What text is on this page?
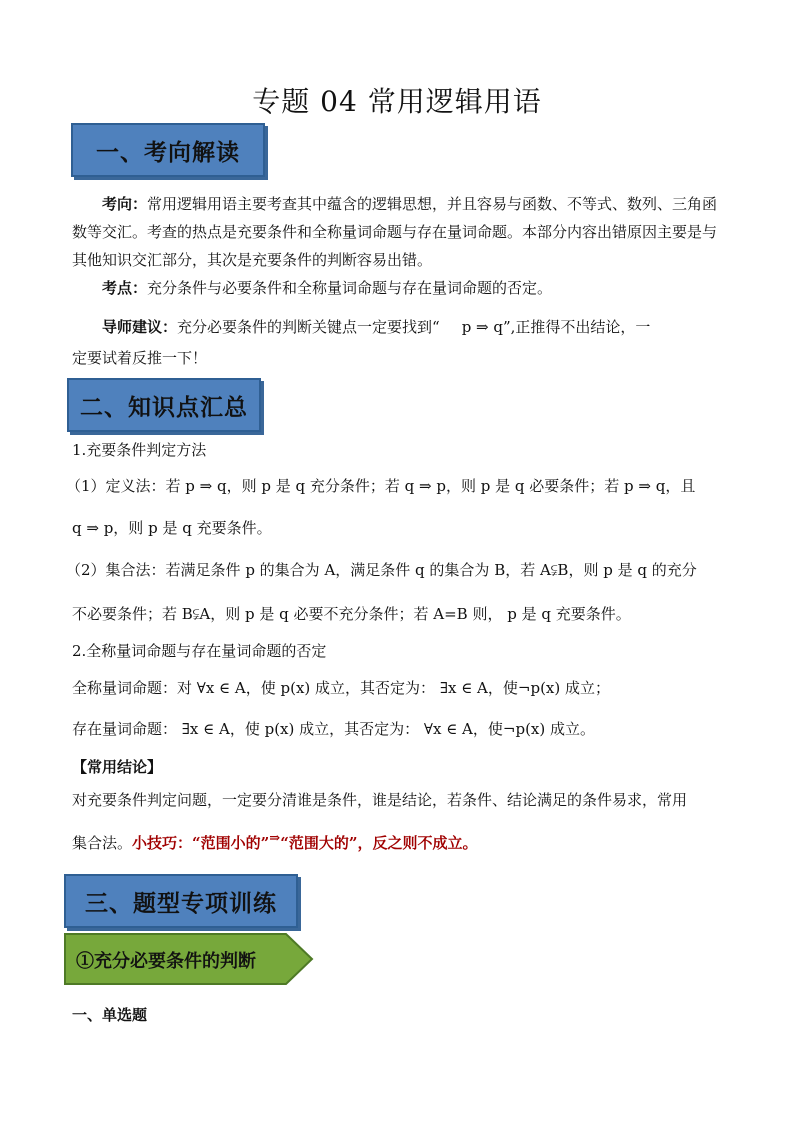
专题 04 常用逻辑用语
一、考向解读
考向：常用逻辑用语主要考查其中蕴含的逻辑思想，并且容易与函数、不等式、数列、三角函数等交汇。考查的热点是充要条件和全称量词命题与存在量词命题。本部分内容出错原因主要是与其他知识交汇部分，其次是充要条件的判断容易出错。
考点：充分条件与必要条件和全称量词命题与存在量词命题的否定。
导师建议：充分必要条件的判断关键点一定要找到“ p ⇒ q”,正推得不出结论，一
定要试着反推一下！
二、知识点汇总
1.充要条件判定方法
（1）定义法：若 p ⇒ q，则 p 是 q 充分条件；若 q ⇒ p，则 p 是 q 必要条件；若 p ⇒ q，且
q ⇒ p，则 p 是 q 充要条件。
（2）集合法：若满足条件 p 的集合为 A，满足条件 q 的集合为 B，若 A⫋B，则 p 是 q 的充分
不必要条件；若 B⫋A，则 p 是 q 必要不充分条件；若 A=B 则， p 是 q 充要条件。
2.全称量词命题与存在量词命题的否定
全称量词命题：对 ∀x ∈ A，使 p(x) 成立，其否定为： ∃x ∈ A，使¬p(x) 成立；
存在量词命题： ∃x ∈ A，使 p(x) 成立，其否定为： ∀x ∈ A，使¬p(x) 成立。
【常用结论】
对充要条件判定问题，一定要分清谁是条件，谁是结论，若条件、结论满足的条件易求，常用
集合法。小技巧：“范围小的”⇒“范围大的”，反之则不成立。
三、题型专项训练
①充分必要条件的判断
一、单选题
